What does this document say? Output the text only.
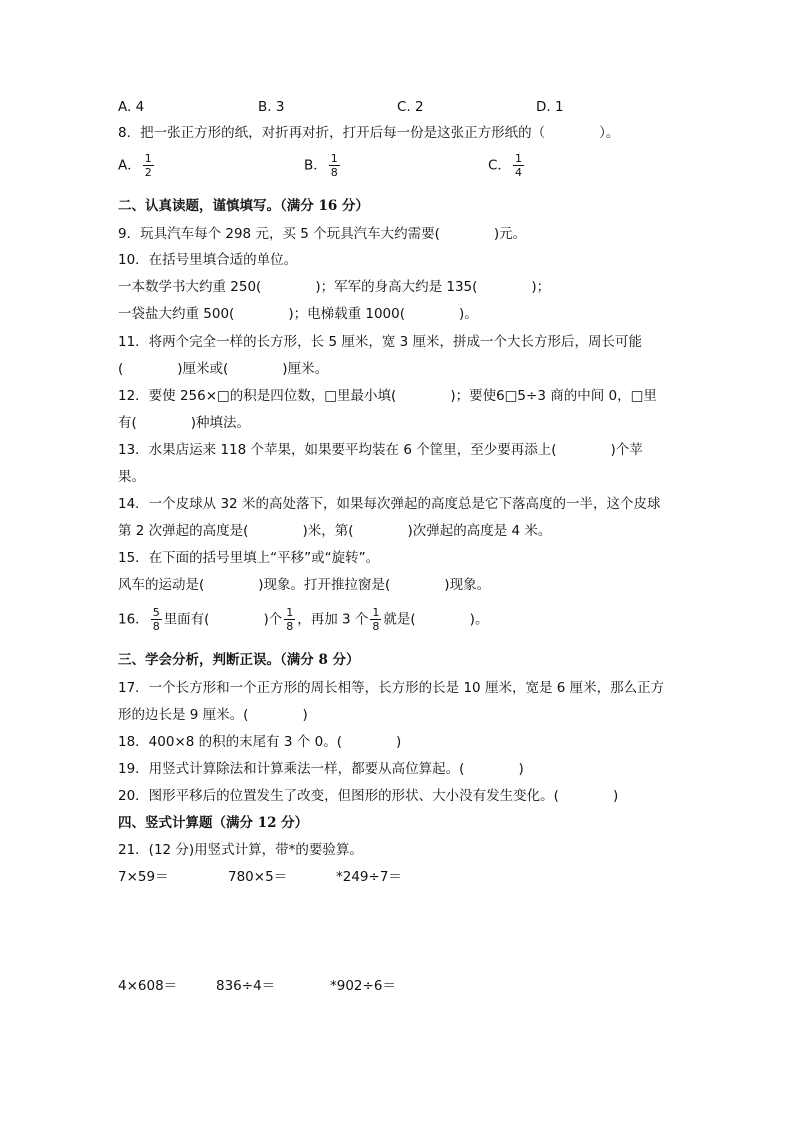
A. 4	B. 3	C. 2	D. 1
8．把一张正方形的纸，对折再对折，打开后每一份是这张正方形纸的（　　　　）。
A． $\frac{1}{2}$	B． $\frac{1}{8}$	C． $\frac{1}{4}$
二、认真读题，谨慎填写。（满分 16 分）
9．玩具汽车每个 298 元，买 5 个玩具汽车大约需要(　　　　)元。
10．在括号里填合适的单位。
一本数学书大约重 250(　　　　)；军军的身高大约是 135(　　　　)；
一袋盐大约重 500(　　　　)；电梯载重 1000(　　　　)。
11．将两个完全一样的长方形，长 5 厘米，宽 3 厘米，拼成一个大长方形后，周长可能
(　　　　)厘米或(　　　　)厘米。
12．要使 256×□的积是四位数，□里最小填(　　　　)；要使6□5÷3 商的中间 0，□里
有(　　　　)种填法。
13．水果店运来 118 个苹果，如果要平均装在 6 个筐里，至少要再添上(　　　　)个苹
果。
14．一个皮球从 32 米的高处落下，如果每次弹起的高度总是它下落高度的一半，这个皮球
第 2 次弹起的高度是(　　　　)米，第(　　　　)次弹起的高度是 4 米。
15．在下面的括号里填上“平移”或“旋转”。
风车的运动是(　　　　)现象。打开推拉窗是(　　　　)现象。
16． $\frac{5}{8}$ 里面有(　　　　)个 $\frac{1}{8}$ ，再加 3 个 $\frac{1}{8}$ 就是(　　　　)。
三、学会分析，判断正误。（满分 8 分）
17．一个长方形和一个正方形的周长相等，长方形的长是 10 厘米，宽是 6 厘米，那么正方
形的边长是 9 厘米。(　　　　)
18．400×8 的积的末尾有 3 个 0。(　　　　)
19．用竖式计算除法和计算乘法一样，都要从高位算起。(　　　　)
20．图形平移后的位置发生了改变，但图形的形状、大小没有发生变化。(　　　　)
四、竖式计算题（满分 12 分）
21．(12 分)用竖式计算，带*的要验算。
7×59＝	780×5＝	*249÷7＝
4×608＝	836÷4＝	*902÷6＝
